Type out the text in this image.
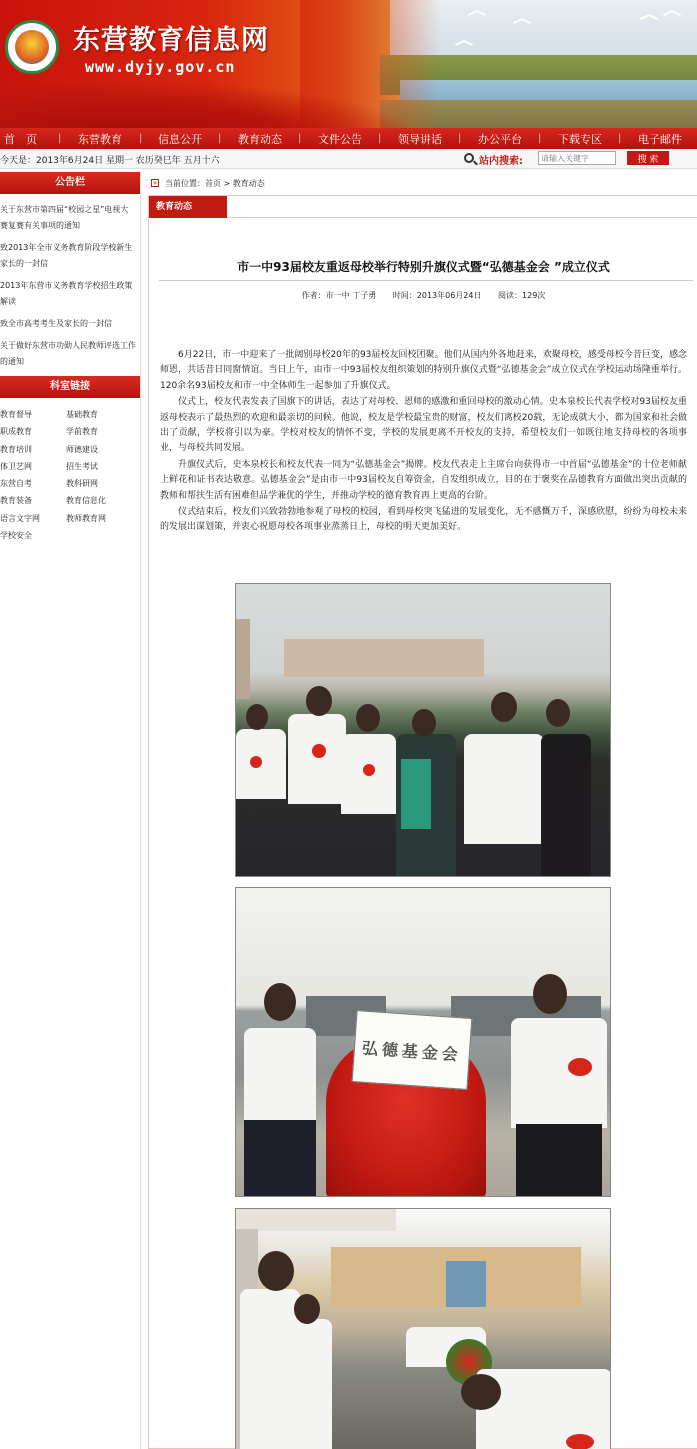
东营教育信息网
www.dyjy.gov.cn
首　页 | 东营教育 | 信息公开 | 教育动态 | 文件公告 | 领导讲话 | 办公平台 | 下载专区 | 电子邮件
今天是：2013年6月24日 星期一 农历癸巳年 五月十六	站内搜索:
请输入关键字	搜 索
公告栏
关于东营市第四届“校园之星”电视大赛复赛有关事项的通知
致2013年全市义务教育阶段学校新生家长的一封信
2013年东营市义务教育学校招生政策解读
致全市高考考生及家长的一封信
关于做好东营市功勋人民教师评选工作的通知
科室链接
教育督导	基础教育
职成教育	学前教育
教育培训	师德建设
体卫艺网	招生考试
东营自考	教科研网
教育装备	教育信息化
语言文字网	教师教育网
学校安全
» 当前位置：首页 > 教育动态
教育动态
市一中93届校友重返母校举行特别升旗仪式暨“弘德基金会 ”成立仪式
作者：市一中 丁子勇 时间：2013年06月24日 阅读：129次

6月22日，市一中迎来了一批阔别母校20年的93届校友回校团聚。他们从国内外各地赶来，欢聚母校，感受母校今昔巨变，感念师恩，共话昔日同窗情谊。当日上午，由市一中93届校友组织策划的特别升旗仪式暨“弘德基金会”成立仪式在学校运动场隆重举行。120余名93届校友和市一中全体师生一起参加了升旗仪式。

仪式上，校友代表发表了国旗下的讲话，表达了对母校、恩师的感激和重回母校的激动心情。史本泉校长代表学校对93届校友重返母校表示了最热烈的欢迎和最亲切的问候。他说，校友是学校最宝贵的财富，校友们离校20载，无论成就大小，都为国家和社会做出了贡献，学校将引以为豪。学校对校友的情怀不变，学校的发展更离不开校友的支持，希望校友们一如既往地支持母校的各项事业，与母校共同发展。

升旗仪式后，史本泉校长和校友代表一同为“弘德基金会”揭牌。校友代表走上主席台向获得市一中首届“弘德基金”的十位老师献上鲜花和证书表达敬意。弘德基金会”是由市一中93届校友自筹资金，自发组织成立，目的在于褒奖在品德教育方面做出突出贡献的教师和帮扶生活有困难但品学兼优的学生，并推动学校的德育教育再上更高的台阶。

仪式结束后，校友们兴致勃勃地参观了母校的校园，看到母校突飞猛进的发展变化，无不感慨万千，深感欣慰，纷纷为母校未来的发展出谋划策，并衷心祝愿母校各项事业蒸蒸日上，母校的明天更加美好。

弘德基金会
